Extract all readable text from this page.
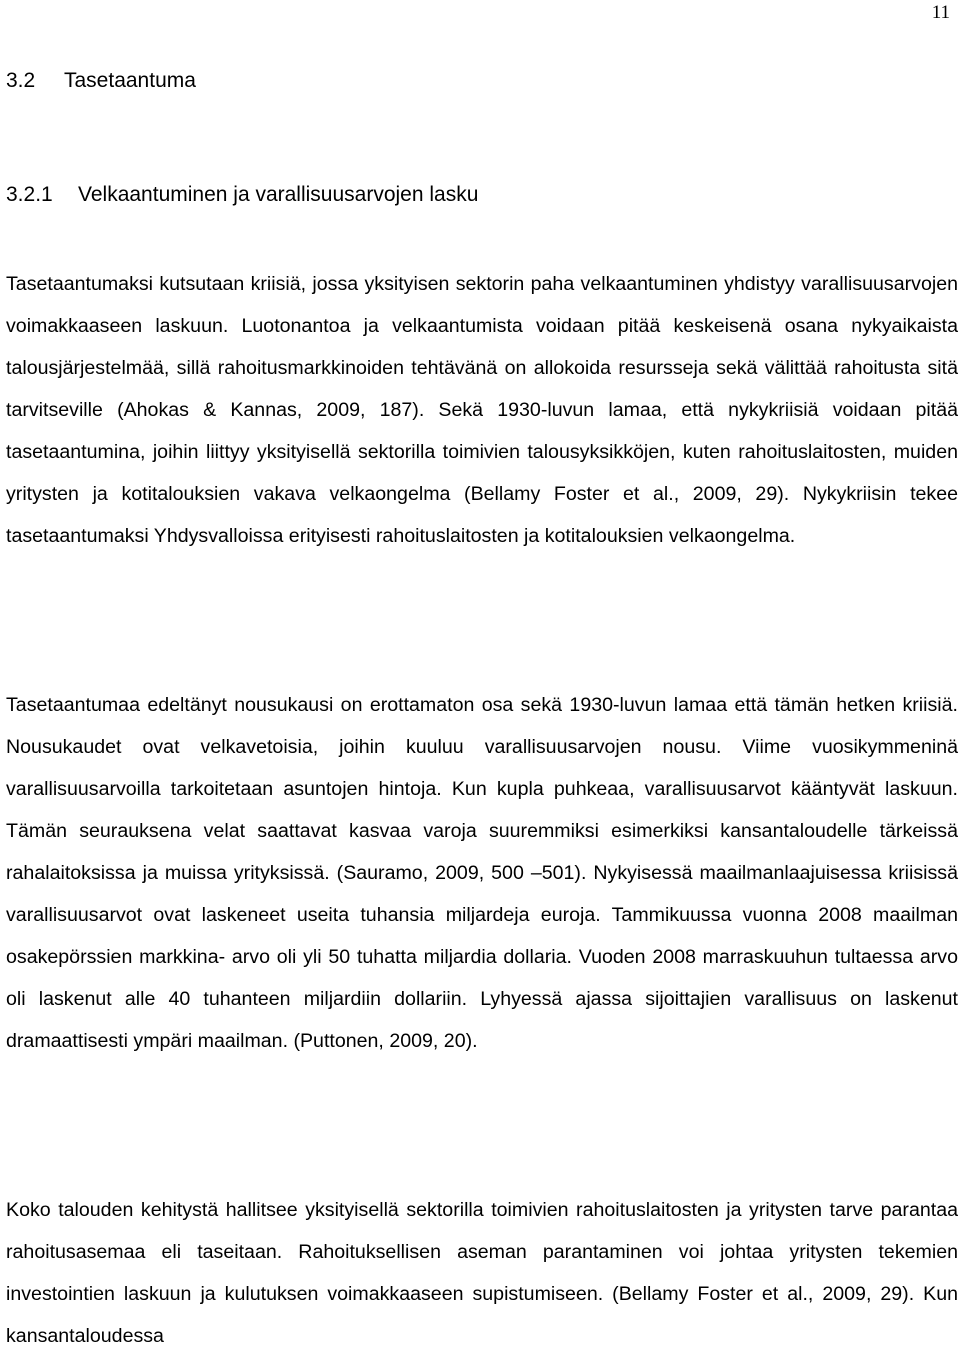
11
3.2 Tasetaantuma
3.2.1 Velkaantuminen ja varallisuusarvojen lasku

Tasetaantumaksi kutsutaan kriisiä, jossa yksityisen sektorin paha velkaantuminen yhdistyy varallisuusarvojen voimakkaaseen laskuun. Luotonantoa ja velkaantumista voidaan pitää keskeisenä osana nykyaikaista talousjärjestelmää, sillä rahoitusmarkkinoiden tehtävänä on allokoida resursseja sekä välittää rahoitusta sitä tarvitseville (Ahokas & Kannas, 2009, 187). Sekä 1930-luvun lamaa, että nykykriisiä voidaan pitää tasetaantumina, joihin liittyy yksityisellä sektorilla toimivien talousyksikköjen, kuten rahoituslaitosten, muiden yritysten ja kotitalouksien vakava velkaongelma (Bellamy Foster et al., 2009, 29). Nykykriisin tekee tasetaantumaksi Yhdysvalloissa erityisesti rahoituslaitosten ja kotitalouksien velkaongelma.

Tasetaantumaa edeltänyt nousukausi on erottamaton osa sekä 1930-luvun lamaa että tämän hetken kriisiä. Nousukaudet ovat velkavetoisia, joihin kuuluu varallisuusarvojen nousu. Viime vuosikymmeninä varallisuusarvoilla tarkoitetaan asuntojen hintoja. Kun kupla puhkeaa, varallisuusarvot kääntyvät laskuun. Tämän seurauksena velat saattavat kasvaa varoja suuremmiksi esimerkiksi kansantaloudelle tärkeissä rahalaitoksissa ja muissa yrityksissä. (Sauramo, 2009, 500 –501). Nykyisessä maailmanlaajuisessa kriisissä varallisuusarvot ovat laskeneet useita tuhansia miljardeja euroja. Tammikuussa vuonna 2008 maailman osakepörssien markkina- arvo oli yli 50 tuhatta miljardia dollaria. Vuoden 2008 marraskuuhun tultaessa arvo oli laskenut alle 40 tuhanteen miljardiin dollariin. Lyhyessä ajassa sijoittajien varallisuus on laskenut dramaattisesti ympäri maailman. (Puttonen, 2009, 20).

Koko talouden kehitystä hallitsee yksityisellä sektorilla toimivien rahoituslaitosten ja yritysten tarve parantaa rahoitusasemaa eli taseitaan. Rahoituksellisen aseman parantaminen voi johtaa yritysten tekemien investointien laskuun ja kulutuksen voimakkaaseen supistumiseen. (Bellamy Foster et al., 2009, 29). Kun kansantaloudessa
